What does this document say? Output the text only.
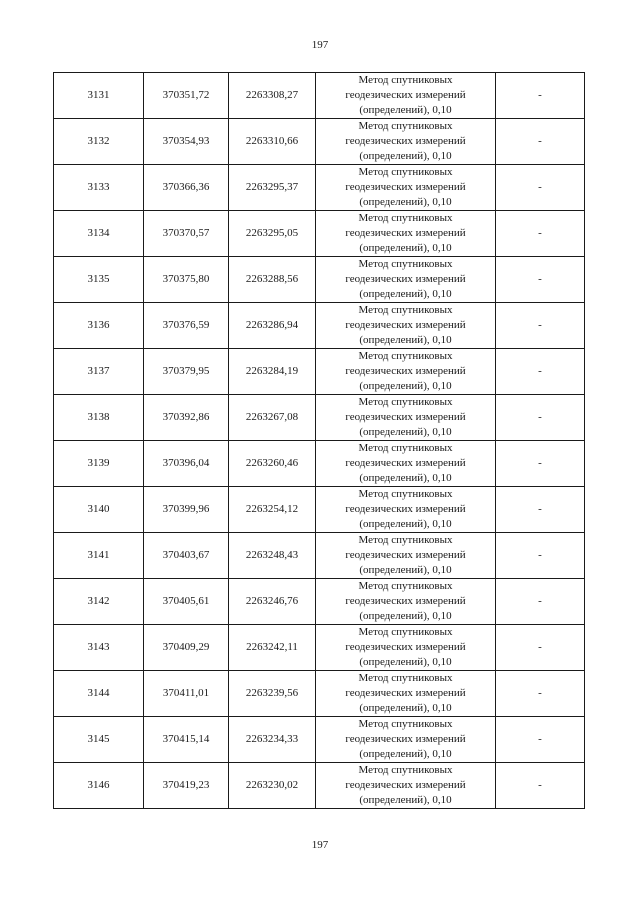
197
3131	370351,72	2263308,27	Метод спутниковых
геодезических измерений
(определений), 0,10	-
3132	370354,93	2263310,66	Метод спутниковых
геодезических измерений
(определений), 0,10	-
3133	370366,36	2263295,37	Метод спутниковых
геодезических измерений
(определений), 0,10	-
3134	370370,57	2263295,05	Метод спутниковых
геодезических измерений
(определений), 0,10	-
3135	370375,80	2263288,56	Метод спутниковых
геодезических измерений
(определений), 0,10	-
3136	370376,59	2263286,94	Метод спутниковых
геодезических измерений
(определений), 0,10	-
3137	370379,95	2263284,19	Метод спутниковых
геодезических измерений
(определений), 0,10	-
3138	370392,86	2263267,08	Метод спутниковых
геодезических измерений
(определений), 0,10	-
3139	370396,04	2263260,46	Метод спутниковых
геодезических измерений
(определений), 0,10	-
3140	370399,96	2263254,12	Метод спутниковых
геодезических измерений
(определений), 0,10	-
3141	370403,67	2263248,43	Метод спутниковых
геодезических измерений
(определений), 0,10	-
3142	370405,61	2263246,76	Метод спутниковых
геодезических измерений
(определений), 0,10	-
3143	370409,29	2263242,11	Метод спутниковых
геодезических измерений
(определений), 0,10	-
3144	370411,01	2263239,56	Метод спутниковых
геодезических измерений
(определений), 0,10	-
3145	370415,14	2263234,33	Метод спутниковых
геодезических измерений
(определений), 0,10	-
3146	370419,23	2263230,02	Метод спутниковых
геодезических измерений
(определений), 0,10	-
197
